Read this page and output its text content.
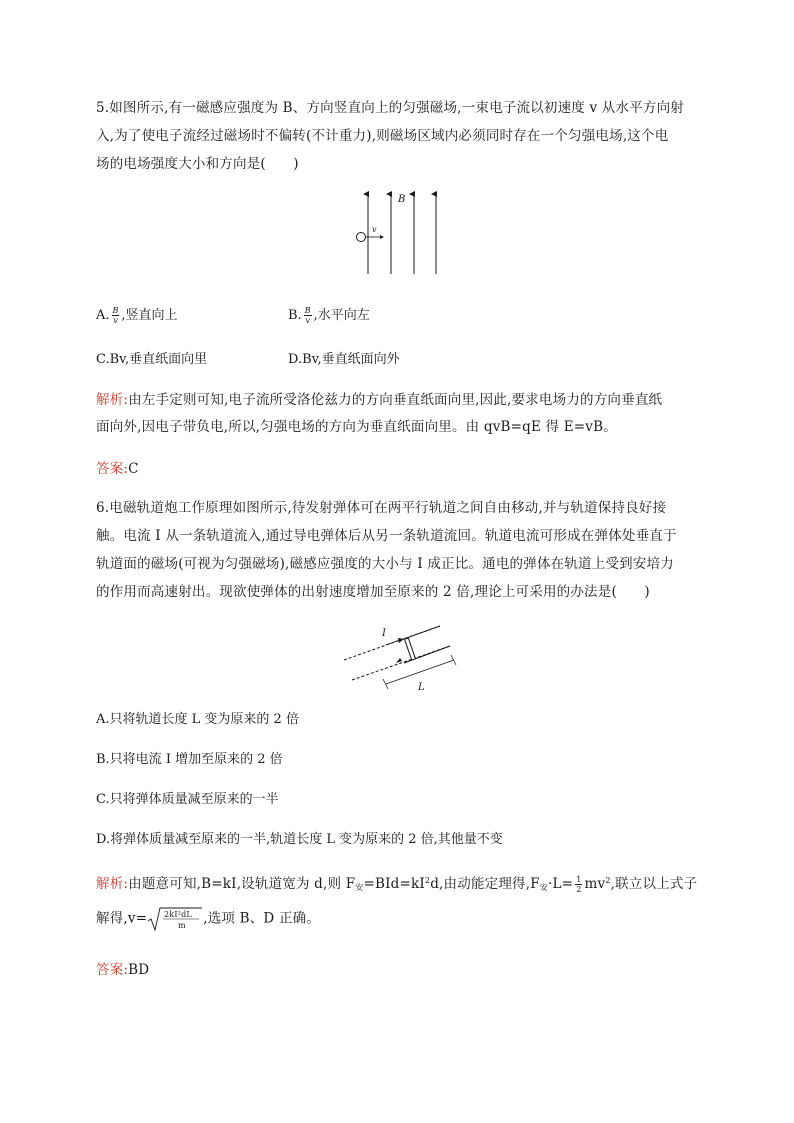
5.如图所示,有一磁感应强度为 B、方向竖直向上的匀强磁场,一束电子流以初速度 v 从水平方向射
入,为了使电子流经过磁场时不偏转(不计重力),则磁场区域内必须同时存在一个匀强电场,这个电
场的电场强度大小和方向是(　　)
B
v
A. $\frac{B}{v}$ ,竖直向上	B. $\frac{B}{v}$ ,水平向左
C.Bv,垂直纸面向里	D.Bv,垂直纸面向外
解析:由左手定则可知,电子流所受洛伦兹力的方向垂直纸面向里,因此,要求电场力的方向垂直纸
面向外,因电子带负电,所以,匀强电场的方向为垂直纸面向里。由 qvB=qE 得 E=vB。
答案:C
6.电磁轨道炮工作原理如图所示,待发射弹体可在两平行轨道之间自由移动,并与轨道保持良好接
触。电流 I 从一条轨道流入,通过导电弹体后从另一条轨道流回。轨道电流可形成在弹体处垂直于
轨道面的磁场(可视为匀强磁场),磁感应强度的大小与 I 成正比。通电的弹体在轨道上受到安培力
的作用而高速射出。现欲使弹体的出射速度增加至原来的 2 倍,理论上可采用的办法是(　　)
I
L
A.只将轨道长度 L 变为原来的 2 倍
B.只将电流 I 增加至原来的 2 倍
C.只将弹体质量减至原来的一半
D.将弹体质量减至原来的一半,轨道长度 L 变为原来的 2 倍,其他量不变
解析:由题意可知,B=kI,设轨道宽为 d,则 $F_安=BId=kI^2d$,由动能定理得$,F_安\cdot L= \frac{1}{2} mv^2$,联立以上式子
解得,v= 2kI²dL
m ,选项 B、D 正确。
答案:BD
